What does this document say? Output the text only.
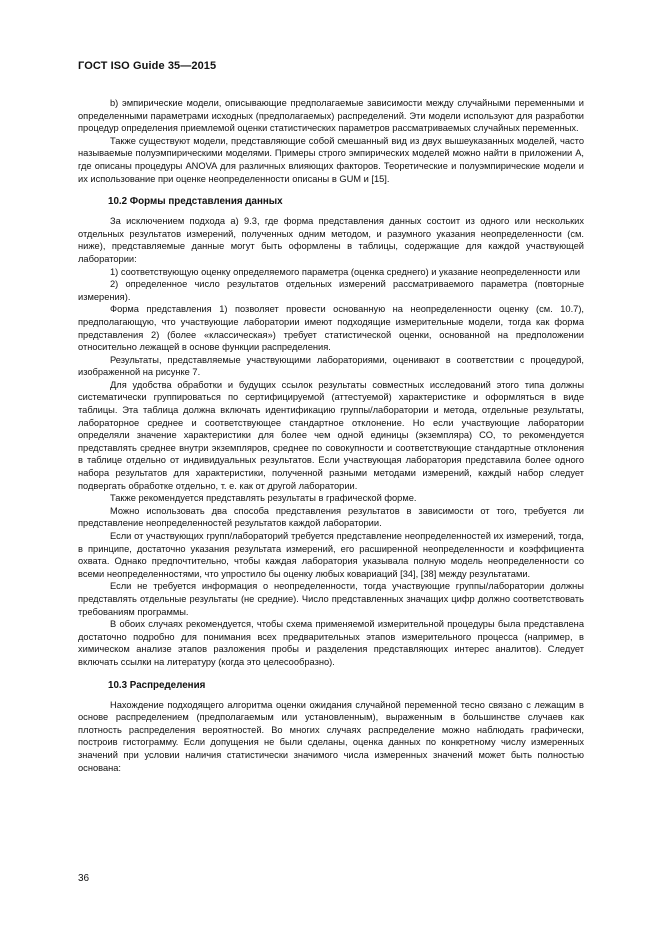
ГОСТ ISO Guide 35—2015

b) эмпирические модели, описывающие предполагаемые зависимости между случайными переменными и определенными параметрами исходных (предполагаемых) распределений. Эти модели используют для разработки процедур определения приемлемой оценки статистических параметров рассматриваемых случайных переменных.

Также существуют модели, представляющие собой смешанный вид из двух вышеуказанных моделей, часто называемые полуэмпирическими моделями. Примеры строго эмпирических моделей можно найти в приложении А, где описаны процедуры ANOVA для различных влияющих факторов. Теоретические и полуэмпирические модели и их использование при оценке неопределенности описаны в GUM и [15].

10.2 Формы представления данных

За исключением подхода а) 9.3, где форма представления данных состоит из одного или нескольких отдельных результатов измерений, полученных одним методом, и разумного указания неопределенности (см. ниже), представляемые данные могут быть оформлены в таблицы, содержащие для каждой участвующей лаборатории:

1) соответствующую оценку определяемого параметра (оценка среднего) и указание неопределенности или

2) определенное число результатов отдельных измерений рассматриваемого параметра (повторные измерения).

Форма представления 1) позволяет провести основанную на неопределенности оценку (см. 10.7), предполагающую, что участвующие лаборатории имеют подходящие измерительные модели, тогда как форма представления 2) (более «классическая») требует статистической оценки, основанной на предположении относительно лежащей в основе функции распределения.

Результаты, представляемые участвующими лабораториями, оценивают в соответствии с процедурой, изображенной на рисунке 7.

Для удобства обработки и будущих ссылок результаты совместных исследований этого типа должны систематически группироваться по сертифицируемой (аттестуемой) характеристике и оформляться в виде таблицы. Эта таблица должна включать идентификацию группы/лаборатории и метода, отдельные результаты, лабораторное среднее и соответствующее стандартное отклонение. Но если участвующие лаборатории определяли значение характеристики для более чем одной единицы (экземпляра) СО, то рекомендуется представлять среднее внутри экземпляров, среднее по совокупности и соответствующие стандартные отклонения в таблице отдельно от индивидуальных результатов. Если участвующая лаборатория представила более одного набора результатов для характеристики, полученной разными методами измерений, каждый набор следует подвергать обработке отдельно, т. е. как от другой лаборатории.

Также рекомендуется представлять результаты в графической форме.

Можно использовать два способа представления результатов в зависимости от того, требуется ли представление неопределенностей результатов каждой лаборатории.

Если от участвующих групп/лабораторий требуется представление неопределенностей их измерений, тогда, в принципе, достаточно указания результата измерений, его расширенной неопределенности и коэффициента охвата. Однако предпочтительно, чтобы каждая лаборатория указывала полную модель неопределенности со всеми неопределенностями, что упростило бы оценку любых ковариаций [34], [38] между результатами.

Если не требуется информация о неопределенности, тогда участвующие группы/лаборатории должны представлять отдельные результаты (не средние). Число представленных значащих цифр должно соответствовать требованиям программы.

В обоих случаях рекомендуется, чтобы схема применяемой измерительной процедуры была представлена достаточно подробно для понимания всех предварительных этапов измерительного процесса (например, в химическом анализе этапов разложения пробы и разделения представляющих интерес аналитов). Следует включать ссылки на литературу (когда это целесообразно).

10.3 Распределения

Нахождение подходящего алгоритма оценки ожидания случайной переменной тесно связано с лежащим в основе распределением (предполагаемым или установленным), выраженным в большинстве случаев как плотность распределения вероятностей. Во многих случаях распределение можно наблюдать графически, построив гистограмму. Если допущения не были сделаны, оценка данных по конкретному числу измеренных значений при условии наличия статистически значимого числа измеренных значений может быть полностью основана:

36
